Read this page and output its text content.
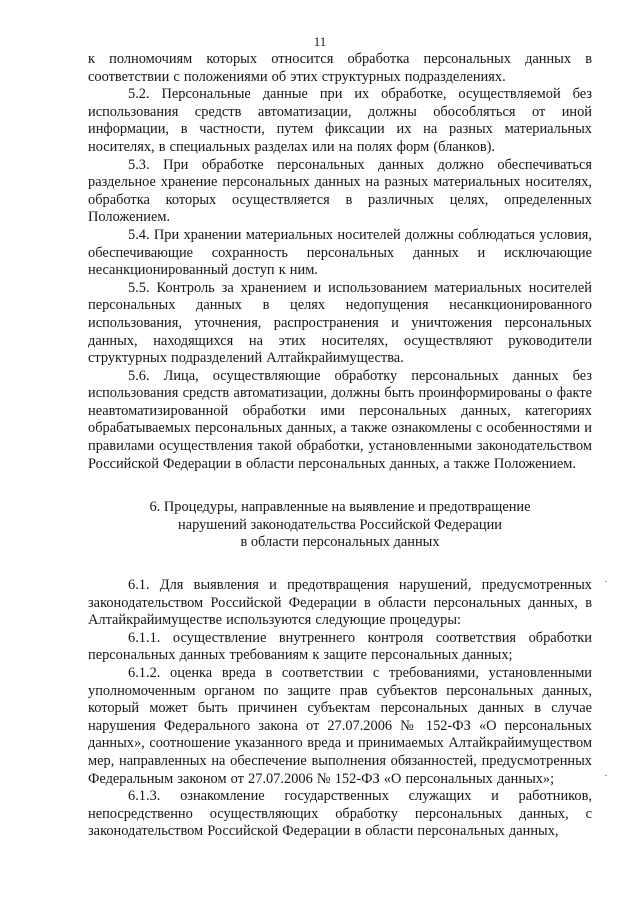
11

к полномочиям которых относится обработка персональных данных в соответствии с положениями об этих структурных подразделениях.

5.2. Персональные данные при их обработке, осуществляемой без использования средств автоматизации, должны обособляться от иной информации, в частности, путем фиксации их на разных материальных носителях, в специальных разделах или на полях форм (бланков).

5.3. При обработке персональных данных должно обеспечиваться раздельное хранение персональных данных на разных материальных носителях, обработка которых осуществляется в различных целях, определенных Положением.

5.4. При хранении материальных носителей должны соблюдаться условия, обеспечивающие сохранность персональных данных и исключающие несанкционированный доступ к ним.

5.5. Контроль за хранением и использованием материальных носителей персональных данных в целях недопущения несанкционированного использования, уточнения, распространения и уничтожения персональных данных, находящихся на этих носителях, осуществляют руководители структурных подразделений Алтайкрайимущества.

5.6. Лица, осуществляющие обработку персональных данных без использования средств автоматизации, должны быть проинформированы о факте неавтоматизированной обработки ими персональных данных, категориях обрабатываемых персональных данных, а также ознакомлены с особенностями и правилами осуществления такой обработки, установленными законодательством Российской Федерации в области персональных данных, а также Положением.

6. Процедуры, направленные на выявление и предотвращение
нарушений законодательства Российской Федерации
в области персональных данных

6.1. Для выявления и предотвращения нарушений, предусмотренных законодательством Российской Федерации в области персональных данных, в Алтайкрайимуществе используются следующие процедуры:

6.1.1. осуществление внутреннего контроля соответствия обработки персональных данных требованиям к защите персональных данных;

6.1.2. оценка вреда в соответствии с требованиями, установленными уполномоченным органом по защите прав субъектов персональных данных, который может быть причинен субъектам персональных данных в случае нарушения Федерального закона от 27.07.2006 № 152-ФЗ «О персональных данных», соотношение указанного вреда и принимаемых Алтайкрайимуществом мер, направленных на обеспечение выполнения обязанностей, предусмотренных Федеральным законом от 27.07.2006 № 152-ФЗ «О персональных данных»;

6.1.3. ознакомление государственных служащих и работников, непосредственно осуществляющих обработку персональных данных, с законодательством Российской Федерации в области персональных данных,

·
·
